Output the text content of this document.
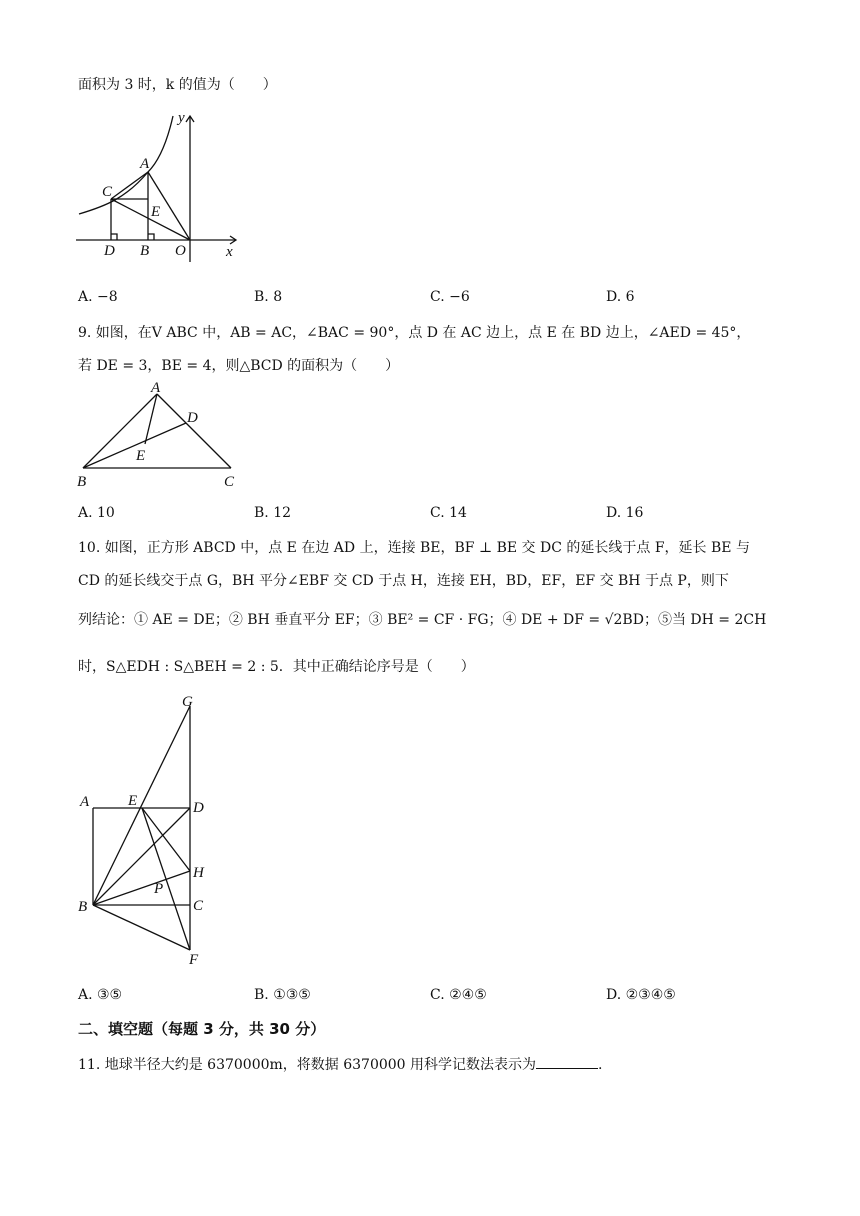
面积为 3 时，k 的值为（　　）
y
x
A
C
E
D B O
A. −8	B. 8	C. −6	D. 6
9. 如图，在V ABC 中，AB = AC，∠BAC = 90°，点 D 在 AC 边上，点 E 在 BD 边上，∠AED = 45°，
若 DE = 3，BE = 4，则△BCD 的面积为（　　）
A
D
E
B	C
A. 10	B. 12	C. 14	D. 16
10. 如图，正方形 ABCD 中，点 E 在边 AD 上，连接 BE，BF ⊥ BE 交 DC 的延长线于点 F，延长 BE 与
CD 的延长线交于点 G，BH 平分∠EBF 交 CD 于点 H，连接 EH，BD，EF，EF 交 BH 于点 P，则下
列结论：① AE = DE；② BH 垂直平分 EF；③ BE² = CF · FG；④ DE + DF = √2BD；⑤当 DH = 2CH
时，S△EDH : S△BEH = 2 : 5．其中正确结论序号是（　　）
G
A	E	D
H
P
B	C
F
A. ③⑤	B. ①③⑤	C. ②④⑤	D. ②③④⑤
二、填空题（每题 3 分，共 30 分）
11. 地球半径大约是 6370000m，将数据 6370000 用科学记数法表示为	.
